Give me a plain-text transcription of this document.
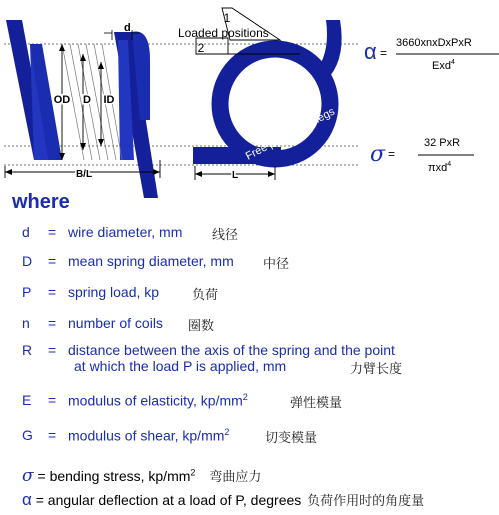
d
OD D ID
B/L
1
2
Loaded positions
Free position of legs
L
α =
3660xnxDxPxR
Exd$^4$
σ =
32 PxR
πxd$^4$
where
d = wire diameter, mm 线径
D = mean spring diameter, mm 中径
P = spring load, kp	负荷
n = number of coils 圈数
R = distance between the axis of the spring and the point
at which the load P is applied, mm	力臂长度
E = modulus of elasticity, $kp/mm^2$	弹性模量
G = modulus of shear, $kp/mm^2$	切变模量
σ = bending stress, $kp/mm^2$ 弯曲应力
α = angular deflection at a load of P, degrees 负荷作用时的角度量
